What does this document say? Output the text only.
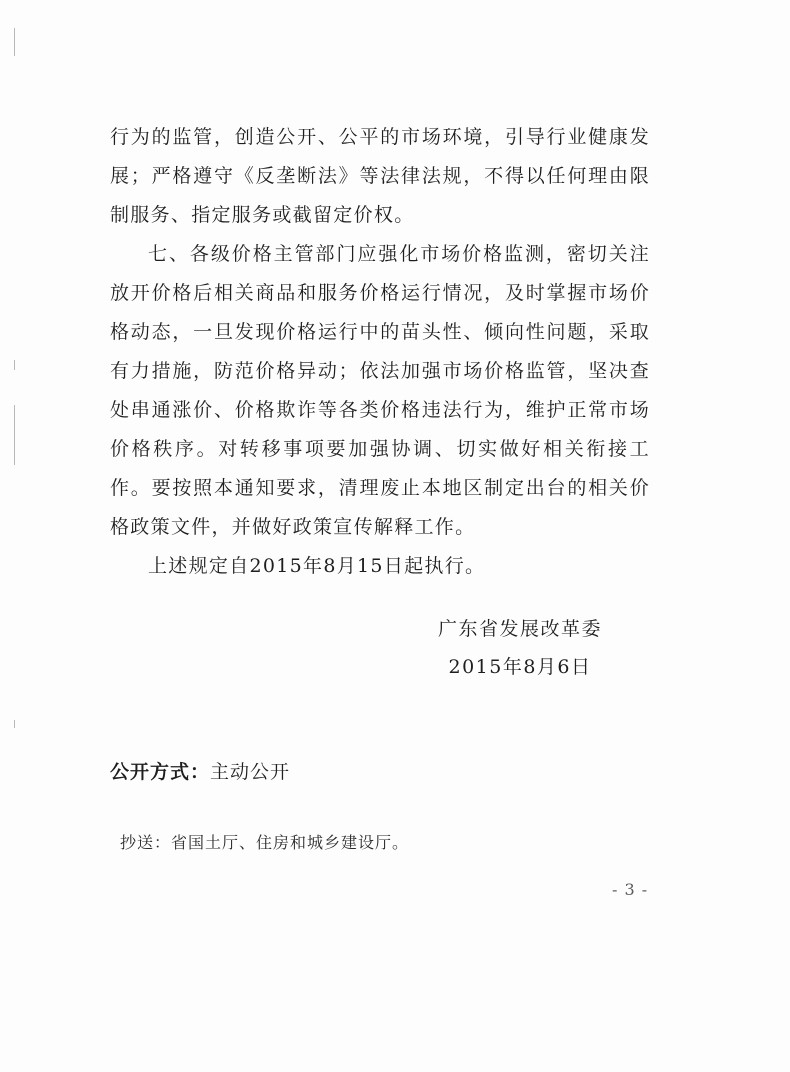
行为的监管，创造公开、公平的市场环境，引导行业健康发展；严格遵守《反垄断法》等法律法规，不得以任何理由限制服务、指定服务或截留定价权。

七、各级价格主管部门应强化市场价格监测，密切关注放开价格后相关商品和服务价格运行情况，及时掌握市场价格动态，一旦发现价格运行中的苗头性、倾向性问题，采取有力措施，防范价格异动；依法加强市场价格监管，坚决查处串通涨价、价格欺诈等各类价格违法行为，维护正常市场价格秩序。对转移事项要加强协调、切实做好相关衔接工作。要按照本通知要求，清理废止本地区制定出台的相关价格政策文件，并做好政策宣传解释工作。

上述规定自2015年8月15日起执行。

广东省发展改革委
2015年8月6日
公开方式：主动公开
抄送：省国土厅、住房和城乡建设厅。
- 3 -
